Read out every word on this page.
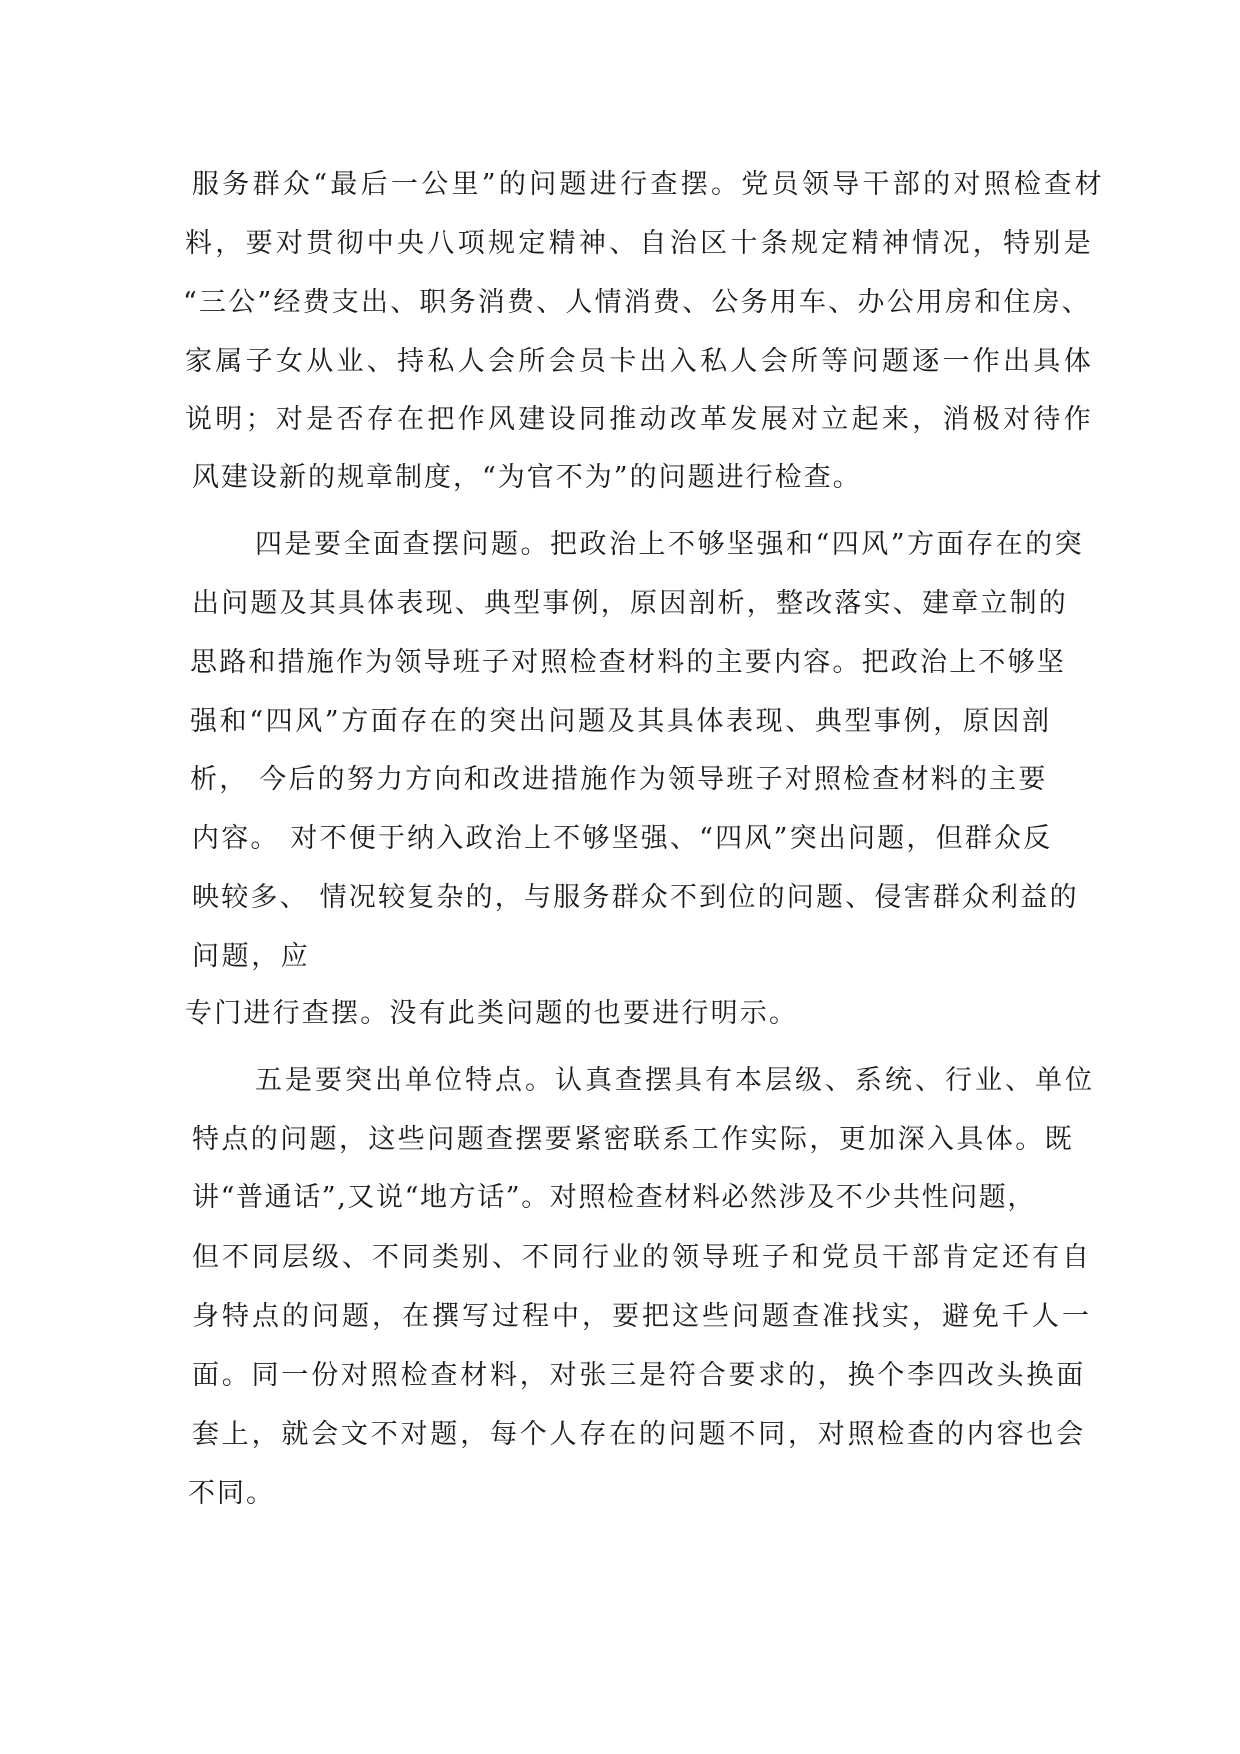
服务群众“最后一公里”的问题进行查摆。党员领导干部的对照检查材
料，要对贯彻中央八项规定精神、自治区十条规定精神情况，特别是
“三公”经费支出、职务消费、人情消费、公务用车、办公用房和住房、
家属子女从业、持私人会所会员卡出入私人会所等问题逐一作出具体
说明；对是否存在把作风建设同推动改革发展对立起来，消极对待作
风建设新的规章制度，“为官不为”的问题进行检查。
四是要全面查摆问题。把政治上不够坚强和“四风”方面存在的突
出问题及其具体表现、典型事例，原因剖析，整改落实、建章立制的
思路和措施作为领导班子对照检查材料的主要内容。把政治上不够坚
强和“四风”方面存在的突出问题及其具体表现、典型事例，原因剖
析， 今后的努力方向和改进措施作为领导班子对照检查材料的主要
内容。 对不便于纳入政治上不够坚强、“四风”突出问题，但群众反
映较多、 情况较复杂的，与服务群众不到位的问题、侵害群众利益的
问题，应
专门进行查摆。没有此类问题的也要进行明示。
五是要突出单位特点。认真查摆具有本层级、系统、行业、单位
特点的问题，这些问题查摆要紧密联系工作实际，更加深入具体。既
讲“普通话”,又说“地方话”。对照检查材料必然涉及不少共性问题，
但不同层级、不同类别、不同行业的领导班子和党员干部肯定还有自
身特点的问题，在撰写过程中，要把这些问题查准找实，避免千人一
面。同一份对照检查材料，对张三是符合要求的，换个李四改头换面
套上，就会文不对题，每个人存在的问题不同，对照检查的内容也会
不同。
